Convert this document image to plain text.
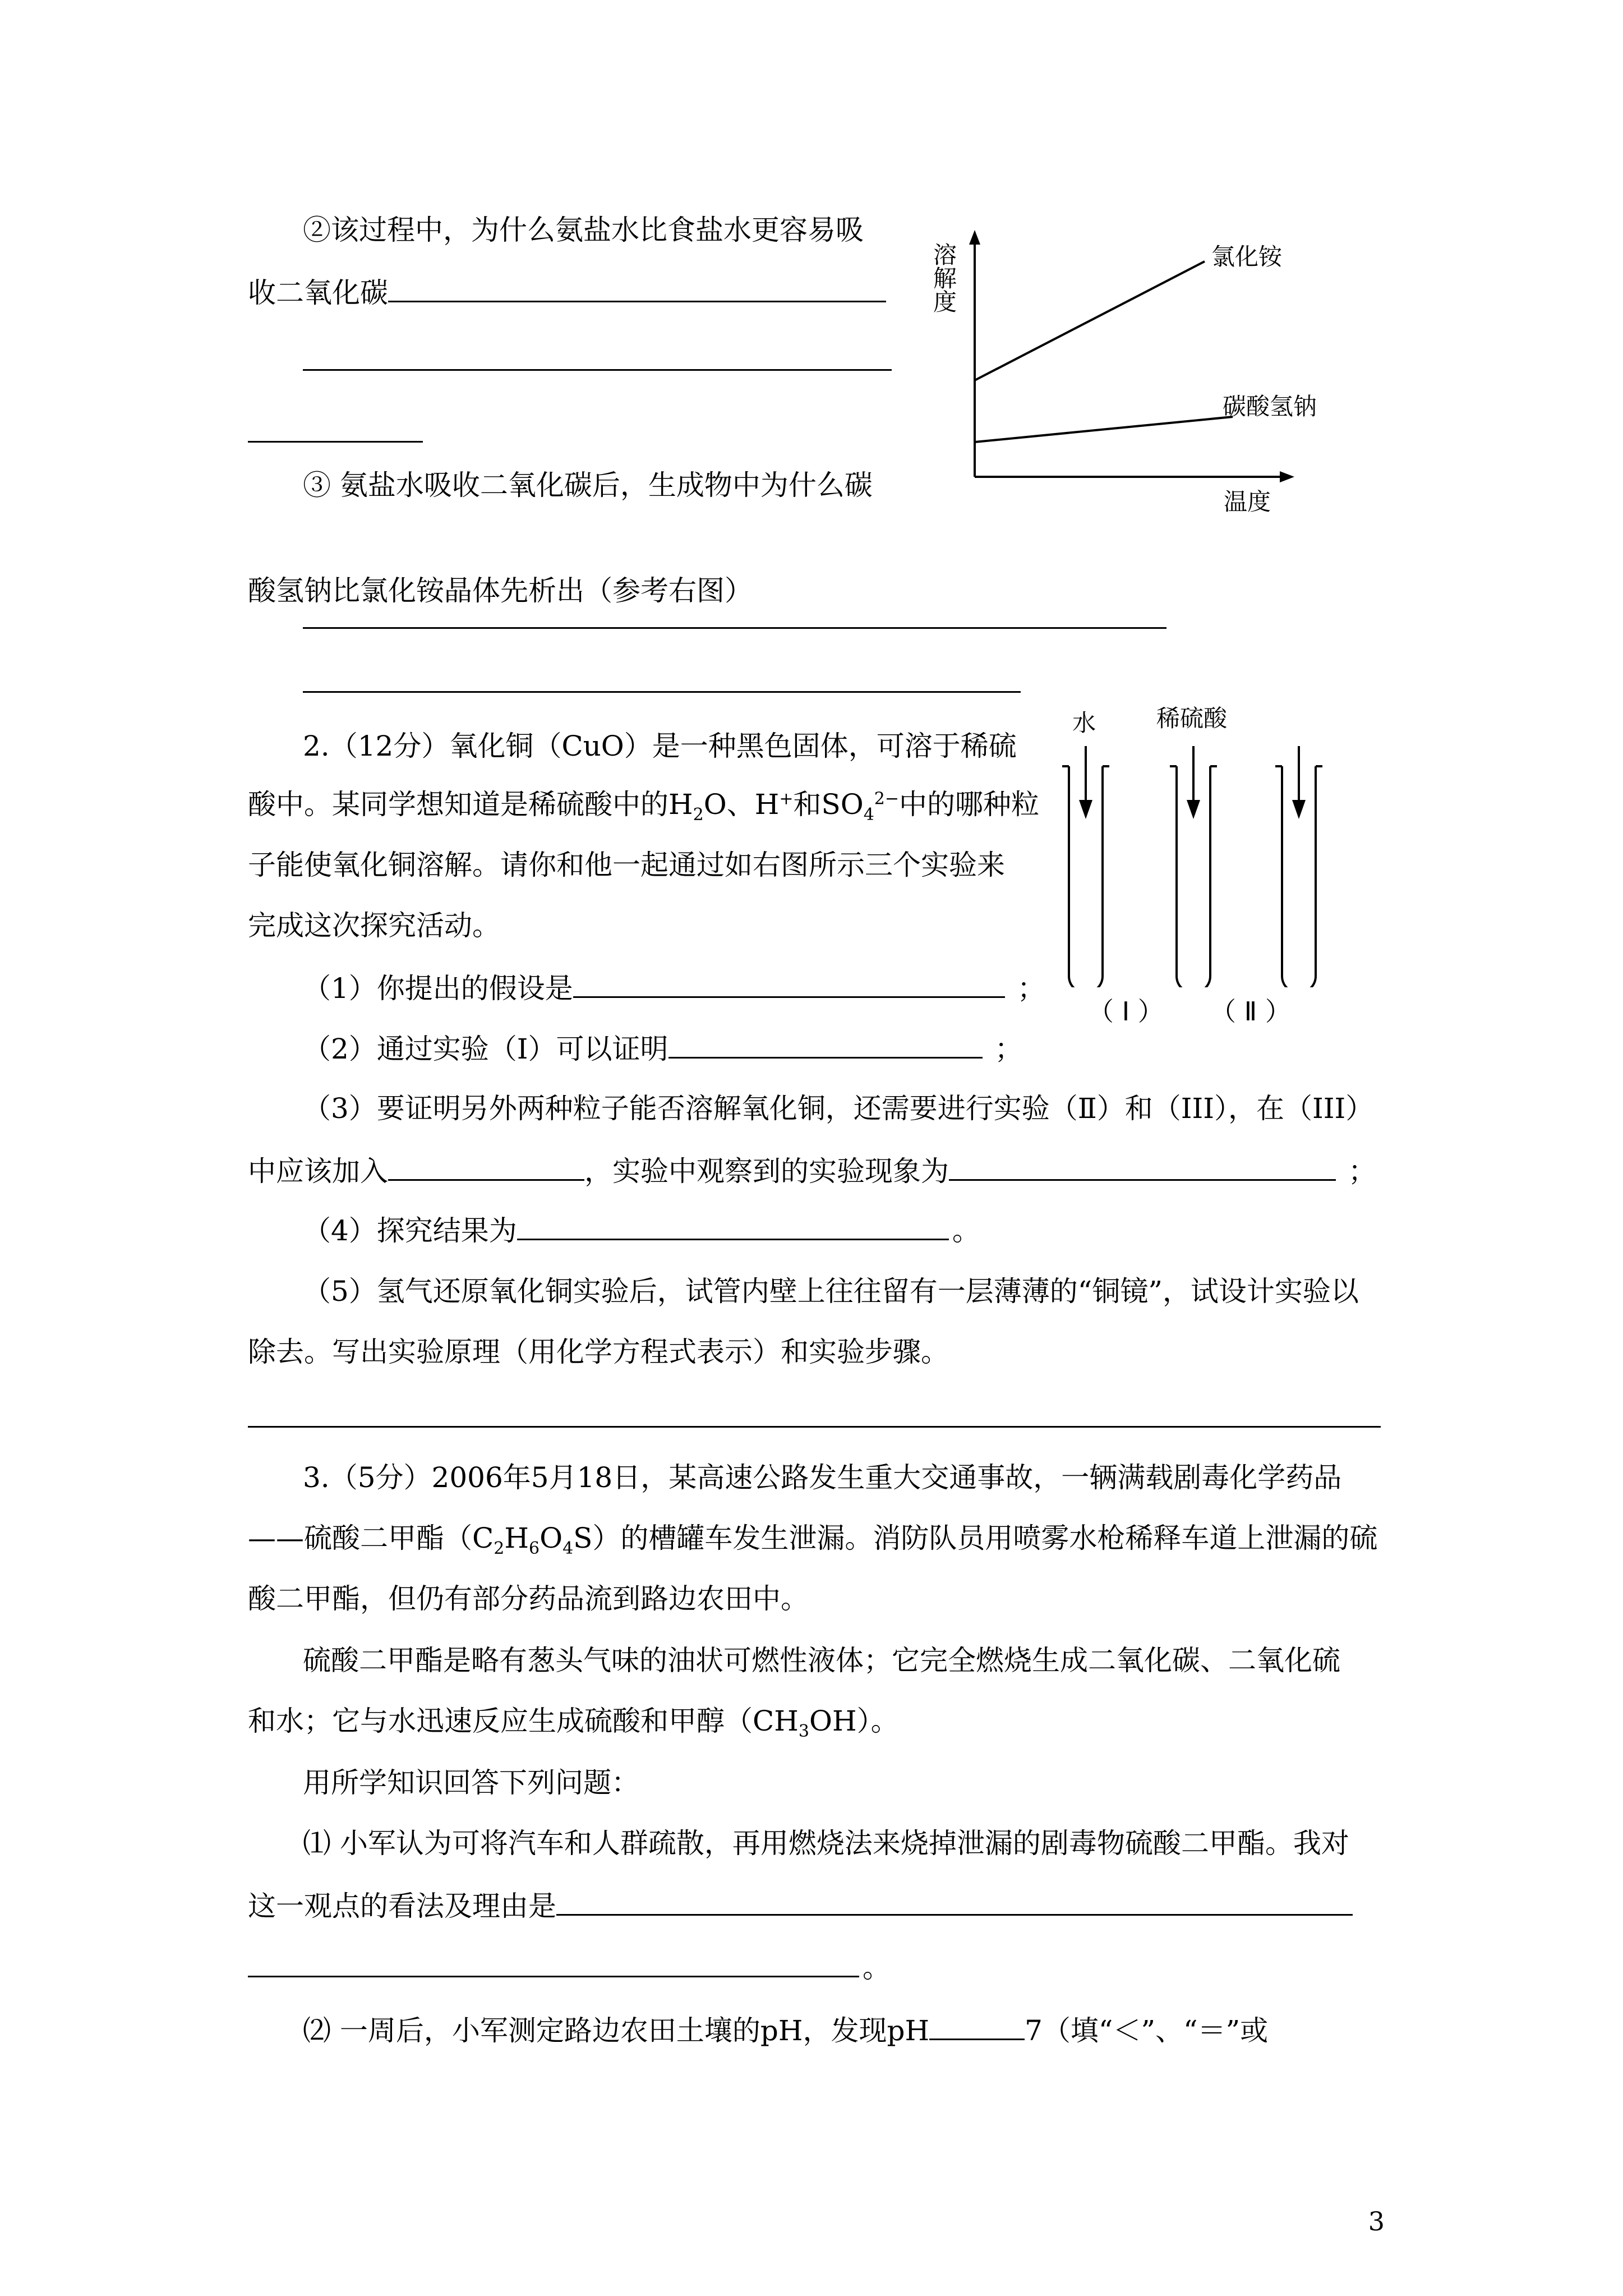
②该过程中，为什么氨盐水比食盐水更容易吸
收二氧化碳
③ 氨盐水吸收二氧化碳后，生成物中为什么碳
酸氢钠比氯化铵晶体先析出（参考右图）
溶
解
度
氯化铵
碳酸氢钠
温度
2.（12分）氧化铜（CuO）是一种黑色固体，可溶于稀硫
酸中。某同学想知道是稀硫酸中的$H_2O$、H+和$SO_4^{2-}$中的哪种粒
子能使氧化铜溶解。请你和他一起通过如右图所示三个实验来
完成这次探究活动。
（1）你提出的假设是	；
（2）通过实验（Ⅰ）可以证明	；
（3）要证明另外两种粒子能否溶解氧化铜，还需要进行实验（Ⅱ）和（III），在（III）
中应该加入	，实验中观察到的实验现象为	；
（4）探究结果为	。
（5）氢气还原氧化铜实验后，试管内壁上往往留有一层薄薄的“铜镜”，试设计实验以
除去。写出实验原理（用化学方程式表示）和实验步骤。
水	稀硫酸
（ Ⅰ ） （ Ⅱ ）
3.（5分）2006年5月18日，某高速公路发生重大交通事故，一辆满载剧毒化学药品
——硫酸二甲酯$(C_2H_6O_4S)$的槽罐车发生泄漏。消防队员用喷雾水枪稀释车道上泄漏的硫
酸二甲酯，但仍有部分药品流到路边农田中。
硫酸二甲酯是略有葱头气味的油状可燃性液体；它完全燃烧生成二氧化碳、二氧化硫
和水；它与水迅速反应生成硫酸和甲醇$(CH_3OH)$。
用所学知识回答下列问题：
⑴ 小军认为可将汽车和人群疏散，再用燃烧法来烧掉泄漏的剧毒物硫酸二甲酯。我对
这一观点的看法及理由是
。
⑵ 一周后，小军测定路边农田土壤的pH，发现pH	7（填“＜”、“＝”或
3
